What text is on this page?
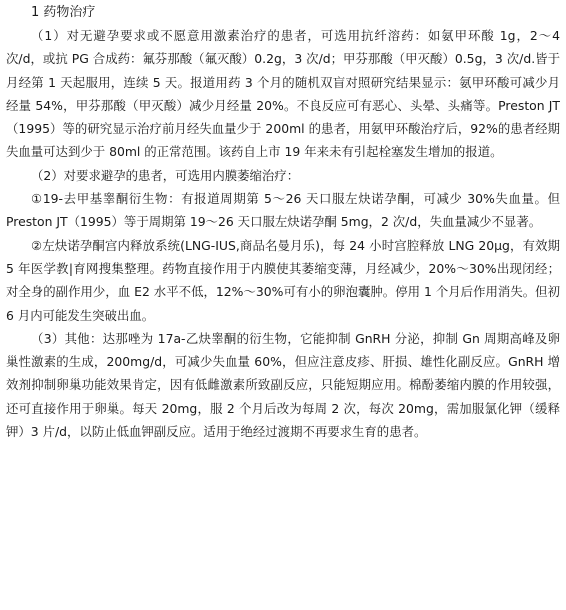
1 药物治疗

（1）对无避孕要求或不愿意用激素治疗的患者，可选用抗纤溶药：如氨甲环酸 1g，2～4 次/d，或抗 PG 合成药：氟芬那酸（氟灭酸）0.2g，3 次/d；甲芬那酸（甲灭酸）0.5g，3 次/d.皆于月经第 1 天起服用，连续 5 天。报道用药 3 个月的随机双盲对照研究结果显示：氨甲环酸可减少月经量 54%，甲芬那酸（甲灭酸）减少月经量 20%。不良反应可有恶心、头晕、头痛等。Preston JT（1995）等的研究显示治疗前月经失血量少于 200ml 的患者，用氨甲环酸治疗后，92%的患者经期失血量可达到少于 80ml 的正常范围。该药自上市 19 年来未有引起栓塞发生增加的报道。

（2）对要求避孕的患者，可选用内膜萎缩治疗：

①19-去甲基睾酮衍生物：有报道周期第 5～26 天口服左炔诺孕酮，可减少 30%失血量。但 Preston JT（1995）等于周期第 19～26 天口服左炔诺孕酮 5mg，2 次/d，失血量减少不显著。

②左炔诺孕酮宫内释放系统(LNG-IUS,商品名曼月乐)，每 24 小时宫腔释放 LNG 20μg，有效期 5 年医学教|育网搜集整理。药物直接作用于内膜使其萎缩变薄，月经减少，20%～30%出现闭经；对全身的副作用少，血 E2 水平不低，12%～30%可有小的卵泡囊肿。停用 1 个月后作用消失。但初 6 月内可能发生突破出血。

（3）其他：达那唑为 17a-乙炔睾酮的衍生物，它能抑制 GnRH 分泌，抑制 Gn 周期高峰及卵巢性激素的生成，200mg/d，可减少失血量 60%，但应注意皮疹、肝损、雄性化副反应。GnRH 增效剂抑制卵巢功能效果肯定，因有低雌激素所致副反应，只能短期应用。棉酚萎缩内膜的作用较强，还可直接作用于卵巢。每天 20mg，服 2 个月后改为每周 2 次，每次 20mg，需加服氯化钾（缓释钾）3 片/d，以防止低血钾副反应。适用于绝经过渡期不再要求生育的患者。
